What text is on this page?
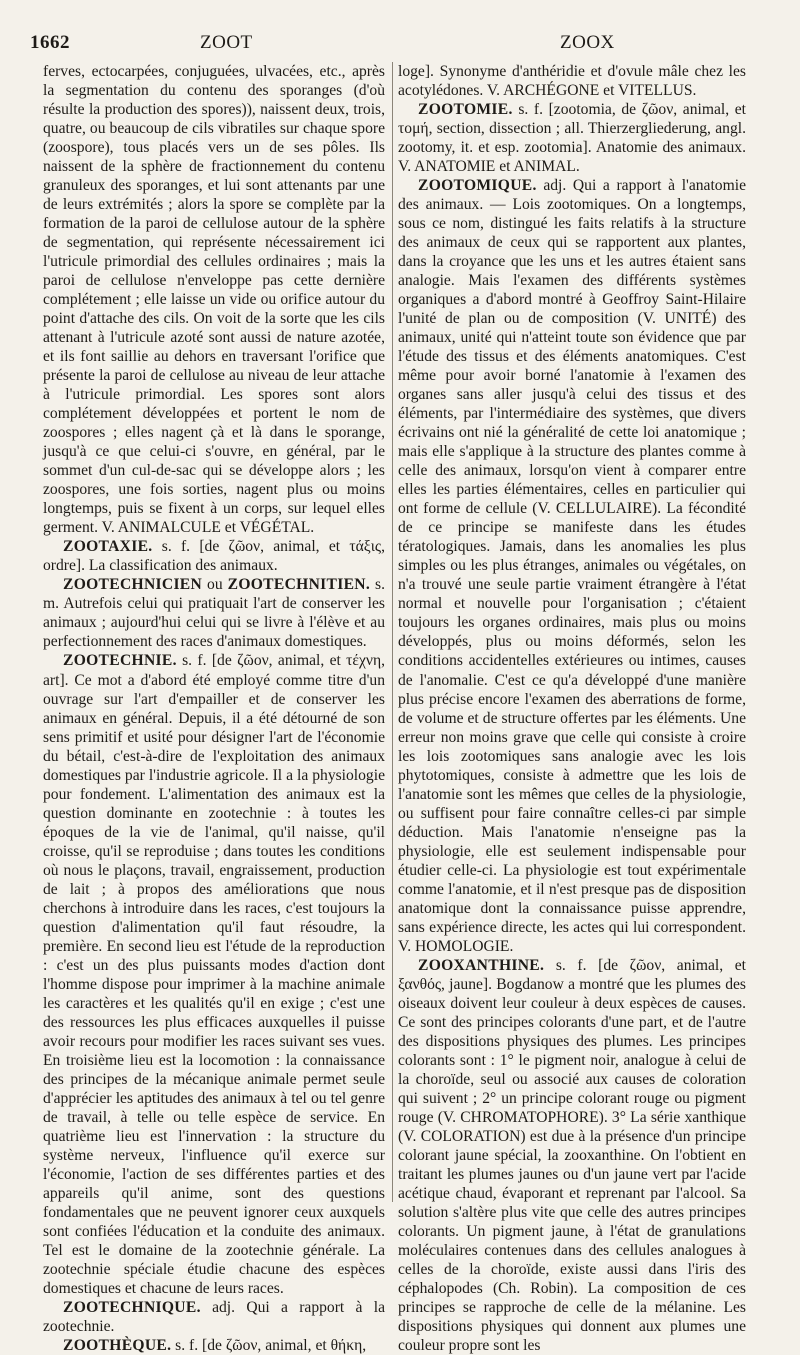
1662	ZOOT	ZOOX

ferves, ectocarpées, conjuguées, ulvacées, etc., après la segmentation du contenu des sporanges (d'où résulte la production des spores)), naissent deux, trois, quatre, ou beaucoup de cils vibratiles sur chaque spore (zoospore), tous placés vers un de ses pôles. Ils naissent de la sphère de fractionnement du contenu granuleux des sporanges, et lui sont attenants par une de leurs extrémités ; alors la spore se complète par la formation de la paroi de cellulose autour de la sphère de segmentation, qui représente nécessairement ici l'utricule primordial des cellules ordinaires ; mais la paroi de cellulose n'enveloppe pas cette dernière complétement ; elle laisse un vide ou orifice autour du point d'attache des cils. On voit de la sorte que les cils attenant à l'utricule azoté sont aussi de nature azotée, et ils font saillie au dehors en traversant l'orifice que présente la paroi de cellulose au niveau de leur attache à l'utricule primordial. Les spores sont alors complétement développées et portent le nom de zoospores ; elles nagent çà et là dans le sporange, jusqu'à ce que celui-ci s'ouvre, en général, par le sommet d'un cul-de-sac qui se développe alors ; les zoospores, une fois sorties, nagent plus ou moins longtemps, puis se fixent à un corps, sur lequel elles germent. V. ANIMALCULE et VÉGÉTAL.

ZOOTAXIE. s. f. [de ζῶον, animal, et τάξις, ordre]. La classification des animaux.

ZOOTECHNICIEN ou ZOOTECHNITIEN. s. m. Autrefois celui qui pratiquait l'art de conserver les animaux ; aujourd'hui celui qui se livre à l'élève et au perfectionnement des races d'animaux domestiques.

ZOOTECHNIE. s. f. [de ζῶον, animal, et τέχνη, art]. Ce mot a d'abord été employé comme titre d'un ouvrage sur l'art d'empailler et de conserver les animaux en général. Depuis, il a été détourné de son sens primitif et usité pour désigner l'art de l'économie du bétail, c'est-à-dire de l'exploitation des animaux domestiques par l'industrie agricole. Il a la physiologie pour fondement. L'alimentation des animaux est la question dominante en zootechnie : à toutes les époques de la vie de l'animal, qu'il naisse, qu'il croisse, qu'il se reproduise ; dans toutes les conditions où nous le plaçons, travail, engraissement, production de lait ; à propos des améliorations que nous cherchons à introduire dans les races, c'est toujours la question d'alimentation qu'il faut résoudre, la première. En second lieu est l'étude de la reproduction : c'est un des plus puissants modes d'action dont l'homme dispose pour imprimer à la machine animale les caractères et les qualités qu'il en exige ; c'est une des ressources les plus efficaces auxquelles il puisse avoir recours pour modifier les races suivant ses vues. En troisième lieu est la locomotion : la connaissance des principes de la mécanique animale permet seule d'apprécier les aptitudes des animaux à tel ou tel genre de travail, à telle ou telle espèce de service. En quatrième lieu est l'innervation : la structure du système nerveux, l'influence qu'il exerce sur l'économie, l'action de ses différentes parties et des appareils qu'il anime, sont des questions fondamentales que ne peuvent ignorer ceux auxquels sont confiées l'éducation et la conduite des animaux. Tel est le domaine de la zootechnie générale. La zootechnie spéciale étudie chacune des espèces domestiques et chacune de leurs races.

ZOOTECHNIQUE. adj. Qui a rapport à la zootechnie.

ZOOTHÈQUE. s. f. [de ζῶον, animal, et θήκη,

loge]. Synonyme d'anthéridie et d'ovule mâle chez les acotylédones. V. ARCHÉGONE et VITELLUS.

ZOOTOMIE. s. f. [zootomia, de ζῶον, animal, et τομή, section, dissection ; all. Thierzergliederung, angl. zootomy, it. et esp. zootomia]. Anatomie des animaux. V. ANATOMIE et ANIMAL.

ZOOTOMIQUE. adj. Qui a rapport à l'anatomie des animaux. — Lois zootomiques. On a longtemps, sous ce nom, distingué les faits relatifs à la structure des animaux de ceux qui se rapportent aux plantes, dans la croyance que les uns et les autres étaient sans analogie. Mais l'examen des différents systèmes organiques a d'abord montré à Geoffroy Saint-Hilaire l'unité de plan ou de composition (V. UNITÉ) des animaux, unité qui n'atteint toute son évidence que par l'étude des tissus et des éléments anatomiques. C'est même pour avoir borné l'anatomie à l'examen des organes sans aller jusqu'à celui des tissus et des éléments, par l'intermédiaire des systèmes, que divers écrivains ont nié la généralité de cette loi anatomique ; mais elle s'applique à la structure des plantes comme à celle des animaux, lorsqu'on vient à comparer entre elles les parties élémentaires, celles en particulier qui ont forme de cellule (V. CELLULAIRE). La fécondité de ce principe se manifeste dans les études tératologiques. Jamais, dans les anomalies les plus simples ou les plus étranges, animales ou végétales, on n'a trouvé une seule partie vraiment étrangère à l'état normal et nouvelle pour l'organisation ; c'étaient toujours les organes ordinaires, mais plus ou moins développés, plus ou moins déformés, selon les conditions accidentelles extérieures ou intimes, causes de l'anomalie. C'est ce qu'a développé d'une manière plus précise encore l'examen des aberrations de forme, de volume et de structure offertes par les éléments. Une erreur non moins grave que celle qui consiste à croire les lois zootomiques sans analogie avec les lois phytotomiques, consiste à admettre que les lois de l'anatomie sont les mêmes que celles de la physiologie, ou suffisent pour faire connaître celles-ci par simple déduction. Mais l'anatomie n'enseigne pas la physiologie, elle est seulement indispensable pour étudier celle-ci. La physiologie est tout expérimentale comme l'anatomie, et il n'est presque pas de disposition anatomique dont la connaissance puisse apprendre, sans expérience directe, les actes qui lui correspondent. V. HOMOLOGIE.

ZOOXANTHINE. s. f. [de ζῶον, animal, et ξανθός, jaune]. Bogdanow a montré que les plumes des oiseaux doivent leur couleur à deux espèces de causes. Ce sont des principes colorants d'une part, et de l'autre des dispositions physiques des plumes. Les principes colorants sont : 1° le pigment noir, analogue à celui de la choroïde, seul ou associé aux causes de coloration qui suivent ; 2° un principe colorant rouge ou pigment rouge (V. CHROMATOPHORE). 3° La série xanthique (V. COLORATION) est due à la présence d'un principe colorant jaune spécial, la zooxanthine. On l'obtient en traitant les plumes jaunes ou d'un jaune vert par l'acide acétique chaud, évaporant et reprenant par l'alcool. Sa solution s'altère plus vite que celle des autres principes colorants. Un pigment jaune, à l'état de granulations moléculaires contenues dans des cellules analogues à celles de la choroïde, existe aussi dans l'iris des céphalopodes (Ch. Robin). La composition de ces principes se rapproche de celle de la mélanine. Les dispositions physiques qui donnent aux plumes une couleur propre sont les
